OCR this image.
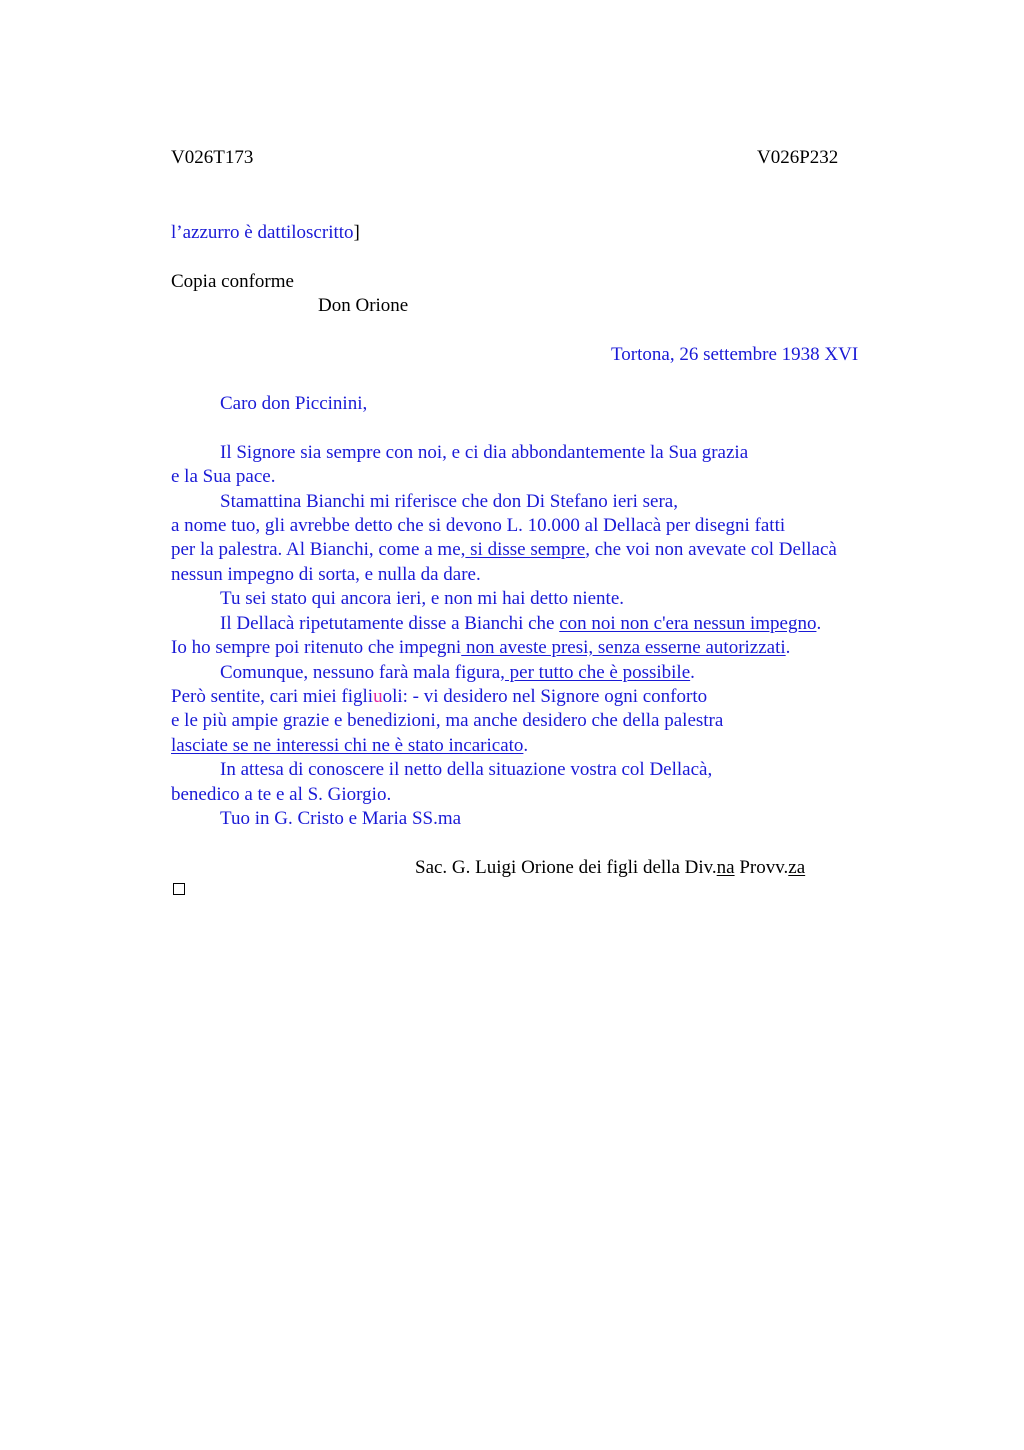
V026T173	V026P232
l’azzurro è dattiloscritto]
Copia conforme
Don Orione
Tortona, 26 settembre 1938 XVI
Caro don Piccinini,
Il Signore sia sempre con noi, e ci dia abbondantemente la Sua grazia
e la Sua pace.
Stamattina Bianchi mi riferisce che don Di Stefano ieri sera,
a nome tuo, gli avrebbe detto che si devono L. 10.000 al Dellacà per disegni fatti
per la palestra. Al Bianchi, come a me, si disse sempre, che voi non avevate col Dellacà
nessun impegno di sorta, e nulla da dare.
Tu sei stato qui ancora ieri, e non mi hai detto niente.
Il Dellacà ripetutamente disse a Bianchi che con noi non c'era nessun impegno.
Io ho sempre poi ritenuto che impegni non aveste presi, senza esserne autorizzati.
Comunque, nessuno farà mala figura, per tutto che è possibile.
Però sentite, cari miei figliuoli: - vi desidero nel Signore ogni conforto
e le più ampie grazie e benedizioni, ma anche desidero che della palestra
lasciate se ne interessi chi ne è stato incaricato.
In attesa di conoscere il netto della situazione vostra col Dellacà,
benedico a te e al S. Giorgio.
Tuo in G. Cristo e Maria SS.ma
Sac. G. Luigi Orione dei figli della Div.na Provv.za
